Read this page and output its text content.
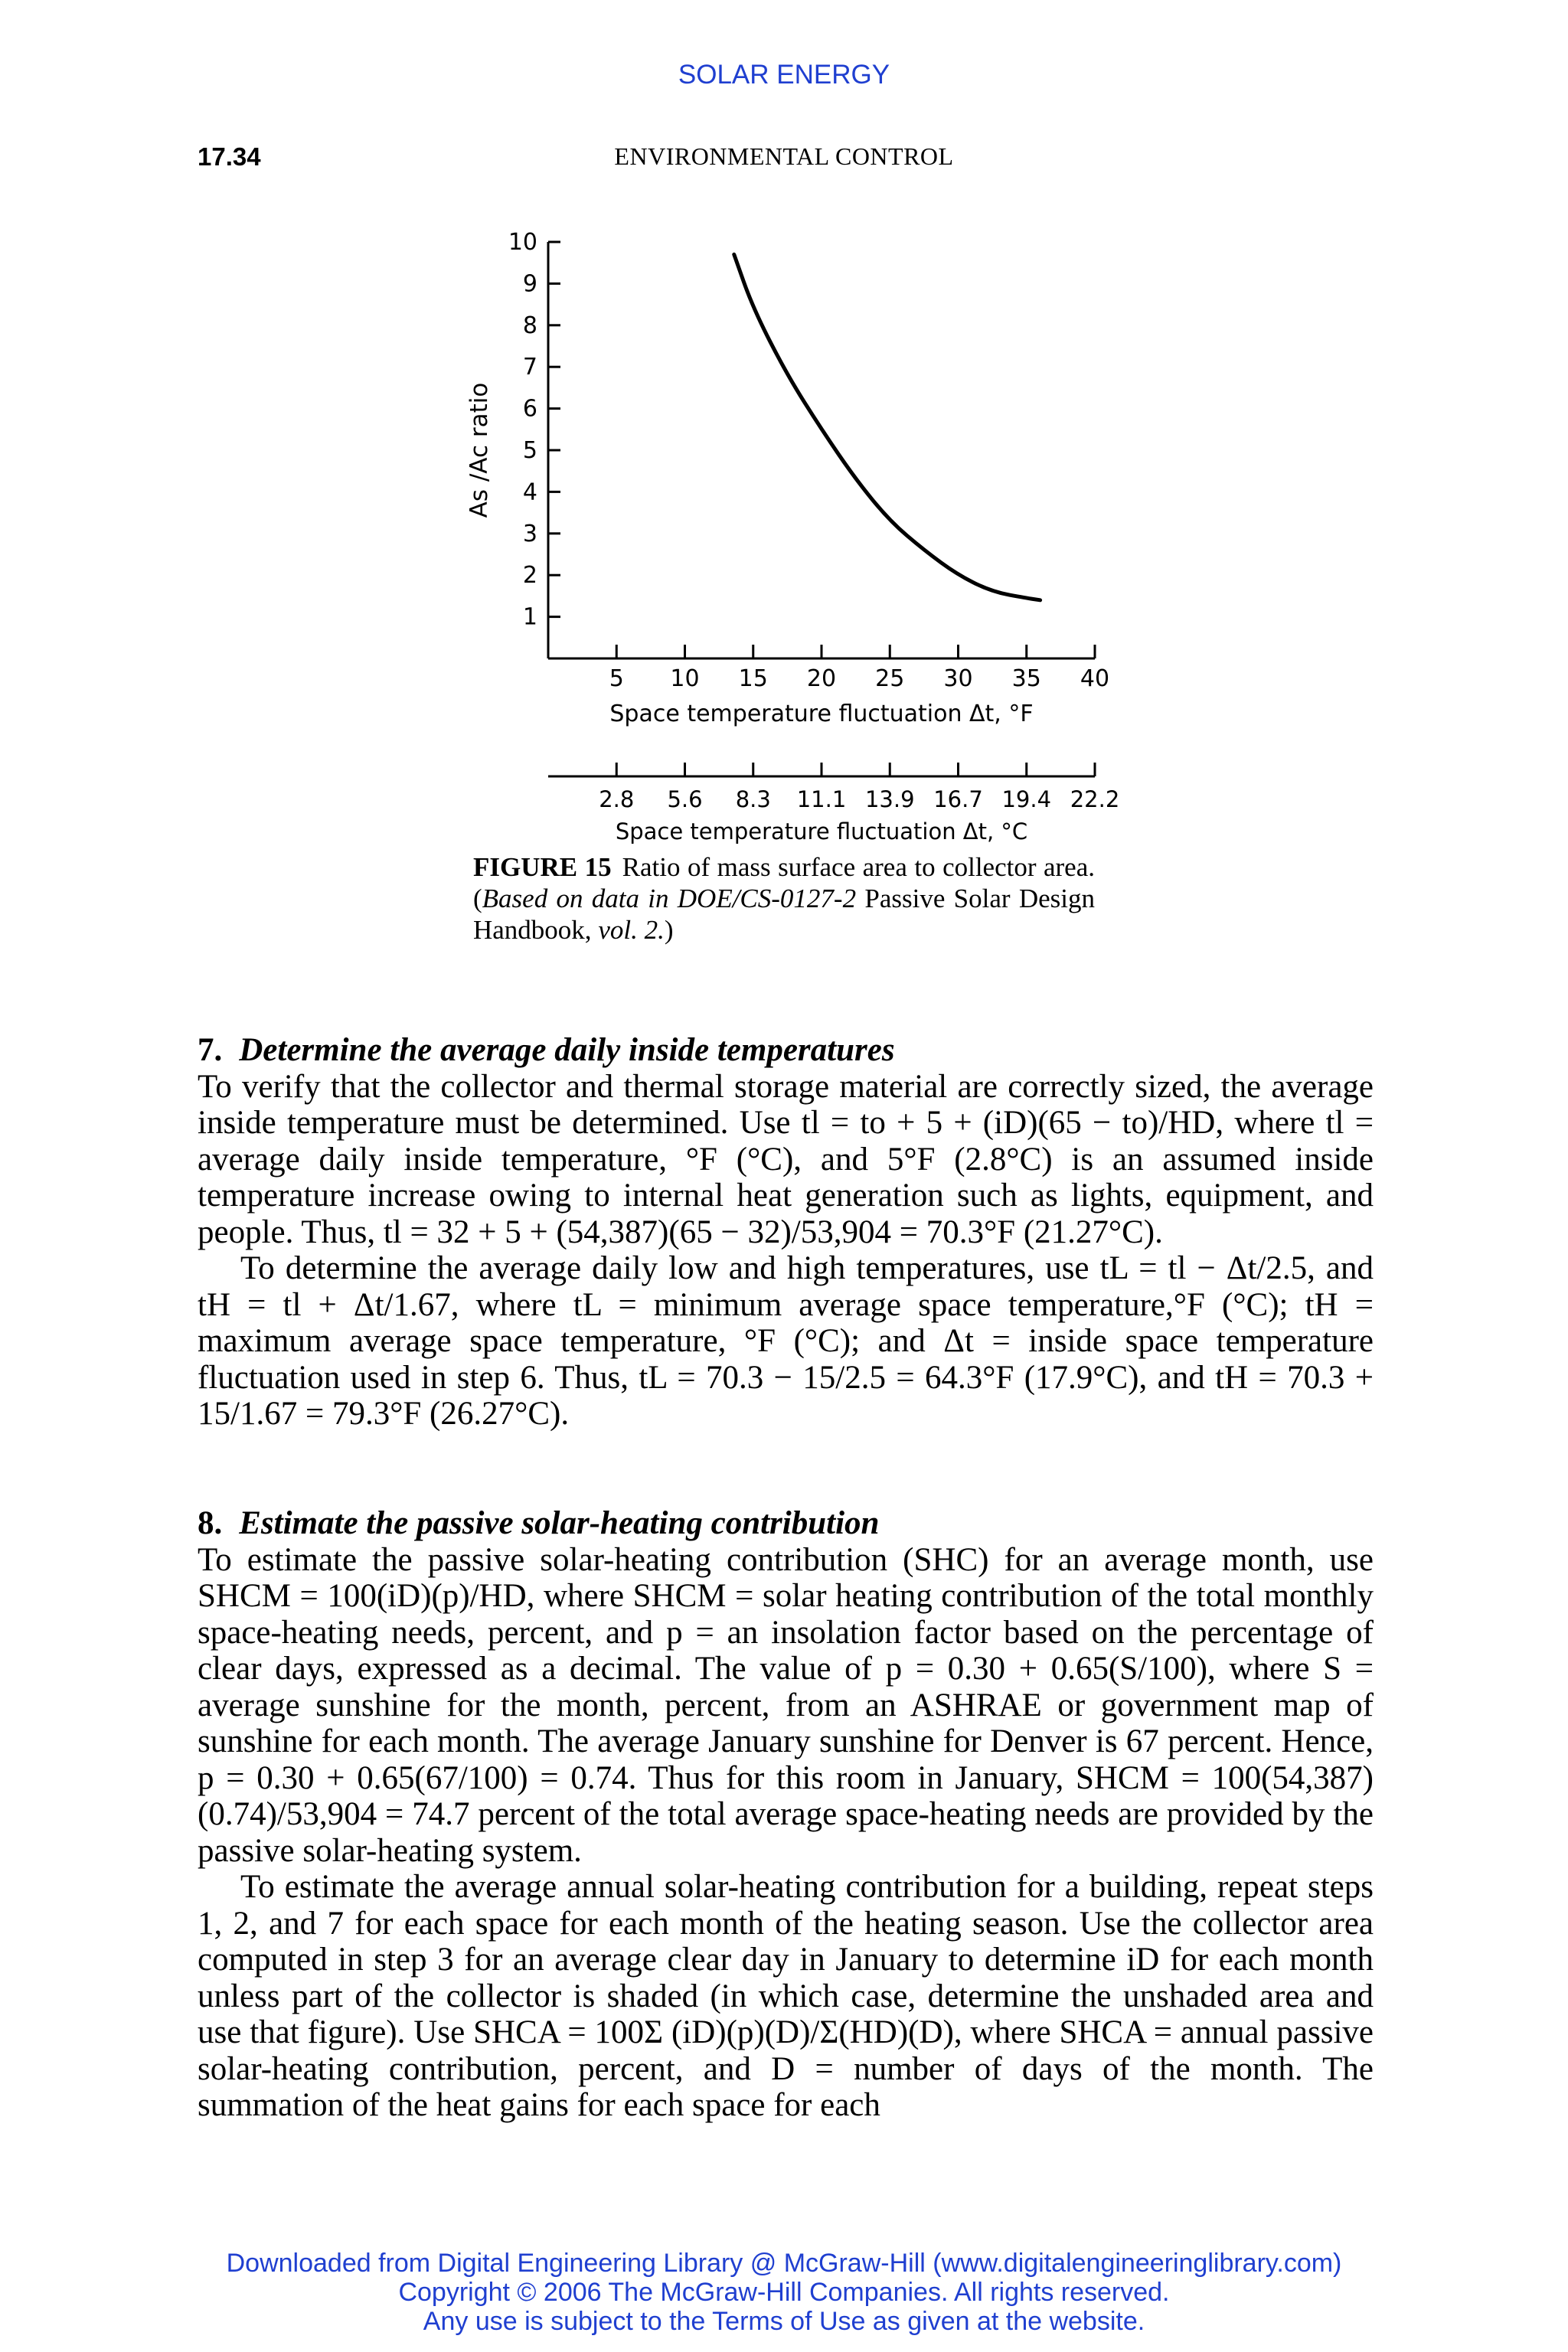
SOLAR ENERGY
17.34	ENVIRONMENTAL CONTROL
1
2
3
4
5
6
7
8
9
10
5 10 15 20 25 30 35 40
Space temperature fluctuation Δt, °F
2.8 5.6 8.3 11.1 13.9 16.7 19.4 22.2
Space temperature fluctuation Δt, °C
As /Ac ratio
FIGURE 15 Ratio of mass surface area to collector area. (Based on data in DOE/CS-0127-2 Passive Solar Design Handbook, vol. 2.)

7. Determine the average daily inside temperatures

To verify that the collector and thermal storage material are correctly sized, the average inside temperature must be determined. Use tl = to + 5 + (iD)(65 − to)/HD, where tl = average daily inside temperature, °F (°C), and 5°F (2.8°C) is an assumed inside temperature increase owing to internal heat generation such as lights, equipment, and people. Thus, tl = 32 + 5 + (54,387)(65 − 32)/53,904 = 70.3°F (21.27°C).

To determine the average daily low and high temperatures, use tL = tl − Δt/2.5, and tH = tl + Δt/1.67, where tL = minimum average space temperature,°F (°C); tH = maximum average space temperature, °F (°C); and Δt = inside space temperature fluctuation used in step 6. Thus, tL = 70.3 − 15/2.5 = 64.3°F (17.9°C), and tH = 70.3 + 15/1.67 = 79.3°F (26.27°C).

8. Estimate the passive solar-heating contribution

To estimate the passive solar-heating contribution (SHC) for an average month, use SHCM = 100(iD)(p)/HD, where SHCM = solar heating contribution of the total monthly space-heating needs, percent, and p = an insolation factor based on the percentage of clear days, expressed as a decimal. The value of p = 0.30 + 0.65(S/100), where S = average sunshine for the month, percent, from an ASHRAE or government map of sunshine for each month. The average January sunshine for Denver is 67 percent. Hence, p = 0.30 + 0.65(67/100) = 0.74. Thus for this room in January, SHCM = 100(54,387)(0.74)/53,904 = 74.7 percent of the total average space-heating needs are provided by the passive solar-heating system.

To estimate the average annual solar-heating contribution for a building, repeat steps 1, 2, and 7 for each space for each month of the heating season. Use the collector area computed in step 3 for an average clear day in January to determine iD for each month unless part of the collector is shaded (in which case, determine the unshaded area and use that figure). Use SHCA = 100Σ (iD)(p)(D)/Σ(HD)(D), where SHCA = annual passive solar-heating contribution, percent, and D = number of days of the month. The summation of the heat gains for each space for each

Downloaded from Digital Engineering Library @ McGraw-Hill (www.digitalengineeringlibrary.com)
Copyright © 2006 The McGraw-Hill Companies. All rights reserved.
Any use is subject to the Terms of Use as given at the website.
